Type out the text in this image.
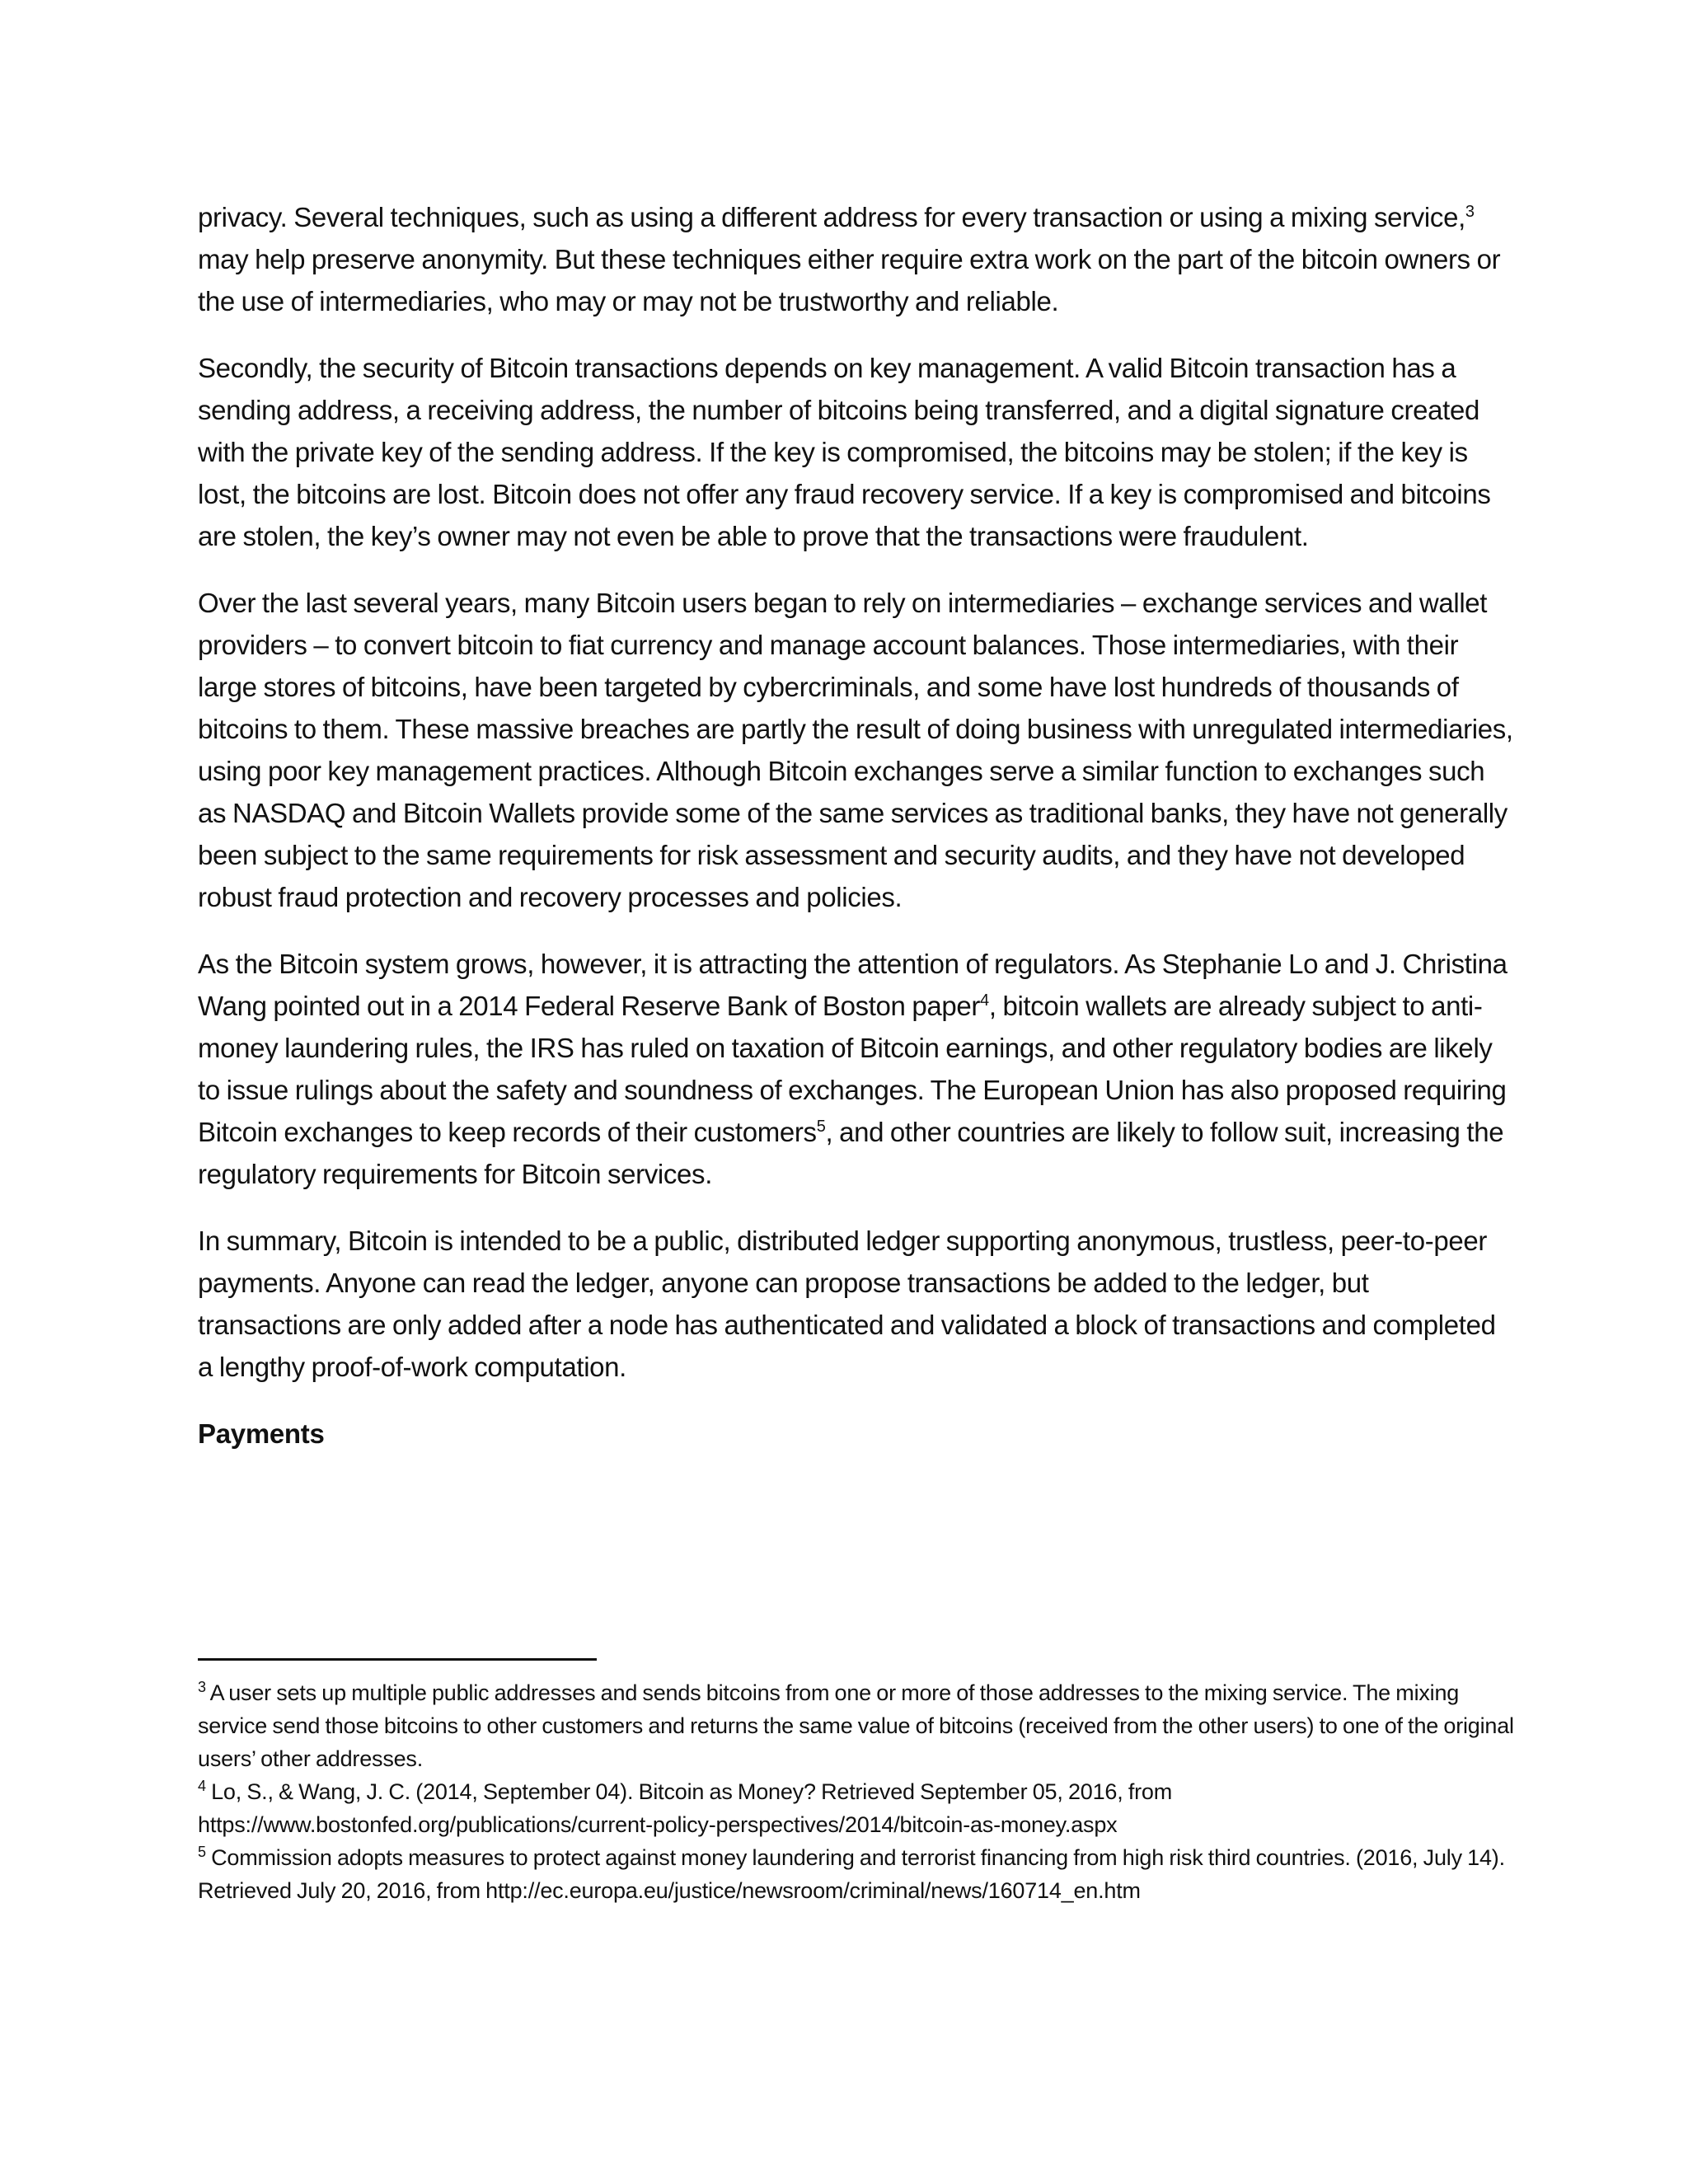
privacy. Several techniques, such as using a different address for every transaction or using a mixing service,$^3$ may help preserve anonymity. But these techniques either require extra work on the part of the bitcoin owners or the use of intermediaries, who may or may not be trustworthy and reliable.

Secondly, the security of Bitcoin transactions depends on key management. A valid Bitcoin transaction has a sending address, a receiving address, the number of bitcoins being transferred, and a digital signature created with the private key of the sending address. If the key is compromised, the bitcoins may be stolen; if the key is lost, the bitcoins are lost. Bitcoin does not offer any fraud recovery service. If a key is compromised and bitcoins are stolen, the key’s owner may not even be able to prove that the transactions were fraudulent.

Over the last several years, many Bitcoin users began to rely on intermediaries – exchange services and wallet providers – to convert bitcoin to fiat currency and manage account balances. Those intermediaries, with their large stores of bitcoins, have been targeted by cybercriminals, and some have lost hundreds of thousands of bitcoins to them. These massive breaches are partly the result of doing business with unregulated intermediaries, using poor key management practices. Although Bitcoin exchanges serve a similar function to exchanges such as NASDAQ and Bitcoin Wallets provide some of the same services as traditional banks, they have not generally been subject to the same requirements for risk assessment and security audits, and they have not developed robust fraud protection and recovery processes and policies.

As the Bitcoin system grows, however, it is attracting the attention of regulators. As Stephanie Lo and J. Christina Wang pointed out in a 2014 Federal Reserve Bank of Boston paper$^4$, bitcoin wallets are already subject to anti-money laundering rules, the IRS has ruled on taxation of Bitcoin earnings, and other regulatory bodies are likely to issue rulings about the safety and soundness of exchanges. The European Union has also proposed requiring Bitcoin exchanges to keep records of their customers$^5$, and other countries are likely to follow suit, increasing the regulatory requirements for Bitcoin services.

In summary, Bitcoin is intended to be a public, distributed ledger supporting anonymous, trustless, peer-to-peer payments. Anyone can read the ledger, anyone can propose transactions be added to the ledger, but transactions are only added after a node has authenticated and validated a block of transactions and completed a lengthy proof-of-work computation.

Payments

$^3$ A user sets up multiple public addresses and sends bitcoins from one or more of those addresses to the mixing service. The mixing service send those bitcoins to other customers and returns the same value of bitcoins (received from the other users) to one of the original users’ other addresses.

$^4$ Lo, S., & Wang, J. C. (2014, September 04). Bitcoin as Money? Retrieved September 05, 2016, from https://www.bostonfed.org/publications/current-policy-perspectives/2014/bitcoin-as-money.aspx

$^5$ Commission adopts measures to protect against money laundering and terrorist financing from high risk third countries. (2016, July 14). Retrieved July 20, 2016, from http://ec.europa.eu/justice/newsroom/criminal/news/160714_en.htm
